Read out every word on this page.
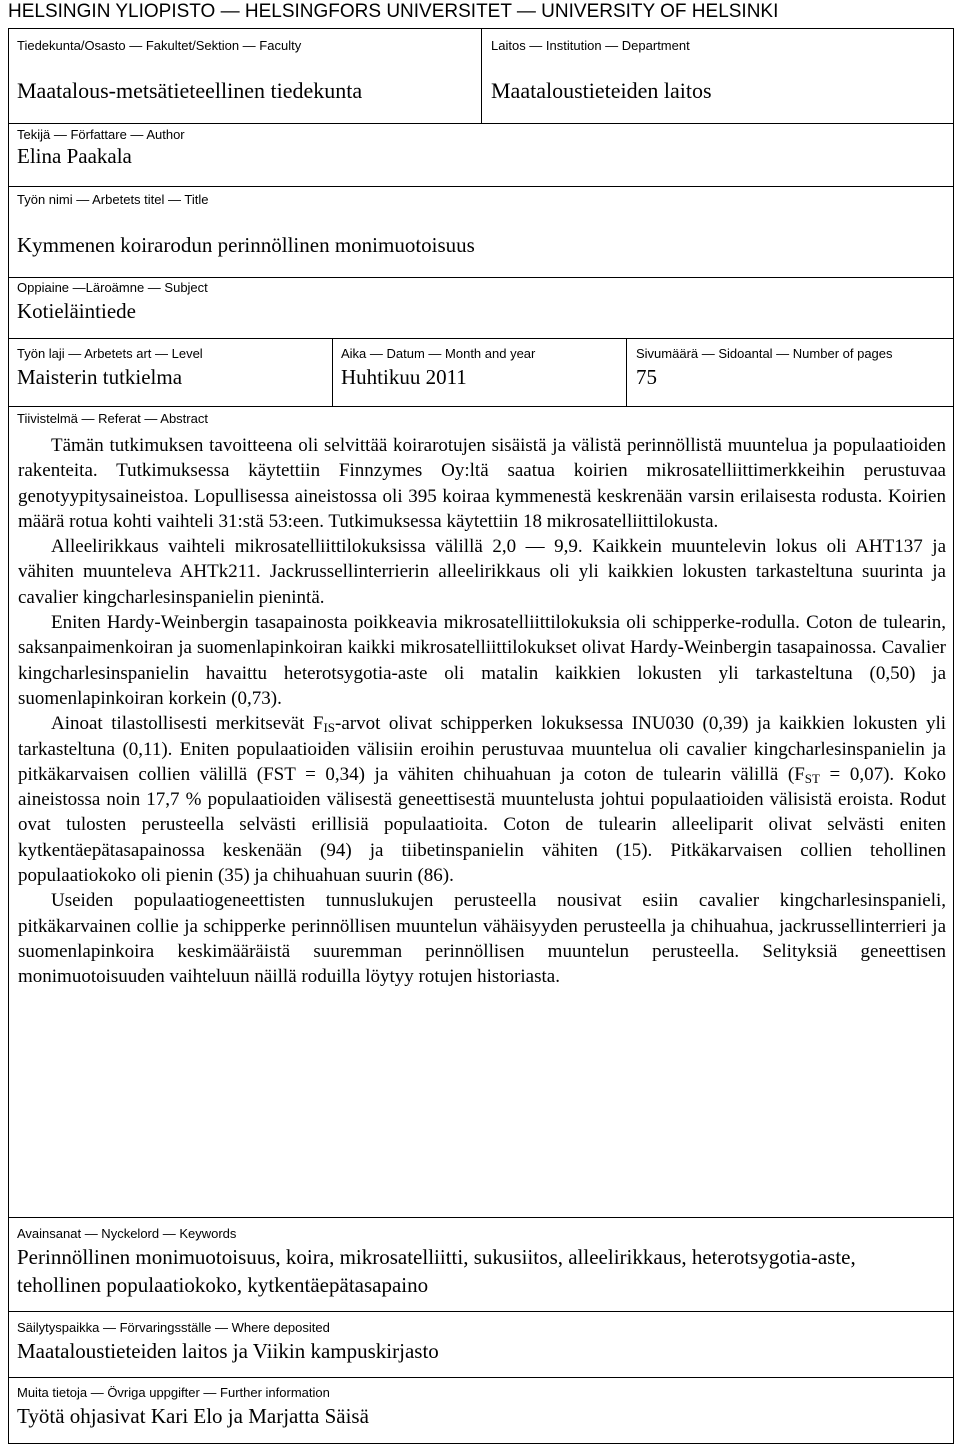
HELSINGIN YLIOPISTO — HELSINGFORS UNIVERSITET — UNIVERSITY OF HELSINKI
Tiedekunta/Osasto — Fakultet/Sektion — Faculty
Maatalous-metsätieteellinen tiedekunta
Laitos — Institution — Department
Maataloustieteiden laitos
Tekijä — Författare — Author
Elina Paakala
Työn nimi — Arbetets titel — Title
Kymmenen koirarodun perinnöllinen monimuotoisuus
Oppiaine —Läroämne — Subject
Kotieläintiede
Työn laji — Arbetets art — Level
Maisterin tutkielma
Aika — Datum — Month and year
Huhtikuu 2011
Sivumäärä — Sidoantal — Number of pages
75
Tiivistelmä — Referat — Abstract

Tämän tutkimuksen tavoitteena oli selvittää koirarotujen sisäistä ja välistä perinnöllistä muuntelua ja populaatioiden rakenteita. Tutkimuksessa käytettiin Finnzymes Oy:ltä saatua koirien mikrosatelliittimerkkeihin perustuvaa genotyypitysaineistoa. Lopullisessa aineistossa oli 395 koiraa kymmenestä keskrenään varsin erilaisesta rodusta. Koirien määrä rotua kohti vaihteli 31:stä 53:een. Tutkimuksessa käytettiin 18 mikrosatelliittilokusta.

Alleelirikkaus vaihteli mikrosatelliittilokuksissa välillä 2,0 — 9,9. Kaikkein muuntelevin lokus oli AHT137 ja vähiten muunteleva AHTk211. Jackrussellinterrierin alleelirikkaus oli yli kaikkien lokusten tarkasteltuna suurinta ja cavalier kingcharlesinspanielin pienintä.

Eniten Hardy-Weinbergin tasapainosta poikkeavia mikrosatelliittilokuksia oli schipperke-rodulla. Coton de tulearin, saksanpaimenkoiran ja suomenlapinkoiran kaikki mikrosatelliittilokukset olivat Hardy-Weinbergin tasapainossa. Cavalier kingcharlesinspanielin havaittu heterotsygotia-aste oli matalin kaikkien lokusten yli tarkasteltuna (0,50) ja suomenlapinkoiran korkein (0,73).

Ainoat tilastollisesti merkitsevät $F_{IS}$-arvot olivat schipperken lokuksessa INU030 (0,39) ja kaikkien lokusten yli tarkasteltuna (0,11). Eniten populaatioiden välisiin eroihin perustuvaa muuntelua oli cavalier kingcharlesinspanielin ja pitkäkarvaisen collien välillä (FST = 0,34) ja vähiten chihuahuan ja coton de tulearin välillä $(F_{ST} = 0,07)$. Koko aineistossa noin 17,7 % populaatioiden välisestä geneettisestä muuntelusta johtui populaatioiden välisistä eroista. Rodut ovat tulosten perusteella selvästi erillisiä populaatioita. Coton de tulearin alleeliparit olivat selvästi eniten kytkentäepätasapainossa keskenään (94) ja tiibetinspanielin vähiten (15). Pitkäkarvaisen collien tehollinen populaatiokoko oli pienin (35) ja chihuahuan suurin (86).

Useiden populaatiogeneettisten tunnuslukujen perusteella nousivat esiin cavalier kingcharlesinspanieli, pitkäkarvainen collie ja schipperke perinnöllisen muuntelun vähäisyyden perusteella ja chihuahua, jackrussellinterrieri ja suomenlapinkoira keskimääräistä suuremman perinnöllisen muuntelun perusteella. Selityksiä geneettisen monimuotoisuuden vaihteluun näillä roduilla löytyy rotujen historiasta.

Avainsanat — Nyckelord — Keywords
Perinnöllinen monimuotoisuus, koira, mikrosatelliitti, sukusiitos, alleelirikkaus, heterotsygotia-aste, tehollinen populaatiokoko, kytkentäepätasapaino
Säilytyspaikka — Förvaringsställe — Where deposited
Maataloustieteiden laitos ja Viikin kampuskirjasto
Muita tietoja — Övriga uppgifter — Further information
Työtä ohjasivat Kari Elo ja Marjatta Säisä
